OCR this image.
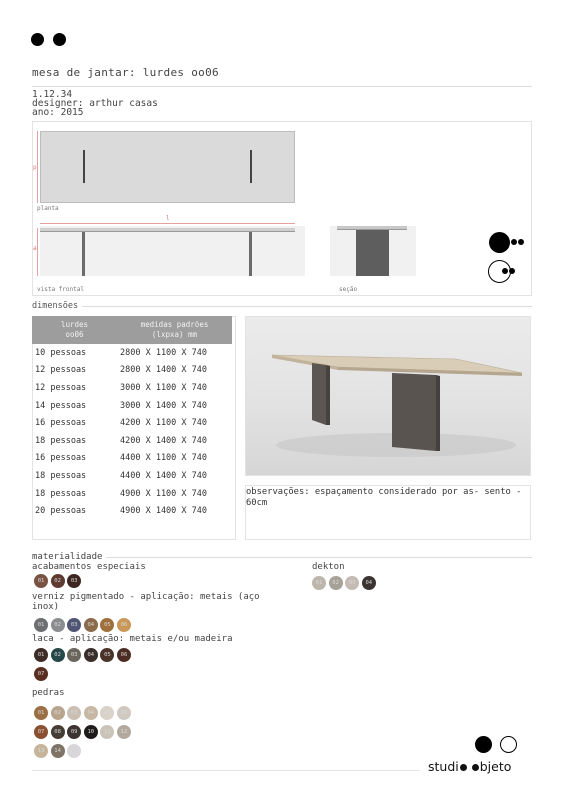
mesa de jantar: lurdes oo06
1.12.34
designer: arthur casas
ano: 2015
p
planta
l
a
vista frontal	seção
dimensões
lurdes oo06	medidas padrões (lxpxa) mm
10 pessoas	2800 X 1100 X 740
12 pessoas	2800 X 1400 X 740
12 pessoas	3000 X 1100 X 740
14 pessoas	3000 X 1400 X 740
16 pessoas	4200 X 1100 X 740
18 pessoas	4200 X 1400 X 740
16 pessoas	4400 X 1100 X 740
18 pessoas	4400 X 1400 X 740
18 pessoas	4900 X 1100 X 740
20 pessoas	4900 X 1400 X 740
observações: espaçamento considerado por as- sento - 60cm
materialidade
acabamentos especiais
01 02 03
verniz pigmentado - aplicação: metais (aço inox)
01 02 03 04 05 06
laca - aplicação: metais e/ou madeira
01 02 03 04 05 06
07
pedras
01 02 03 04 05 06
07 08 09 10 11 12
13 14 15
dekton
01 02 03 04
studi bjeto
